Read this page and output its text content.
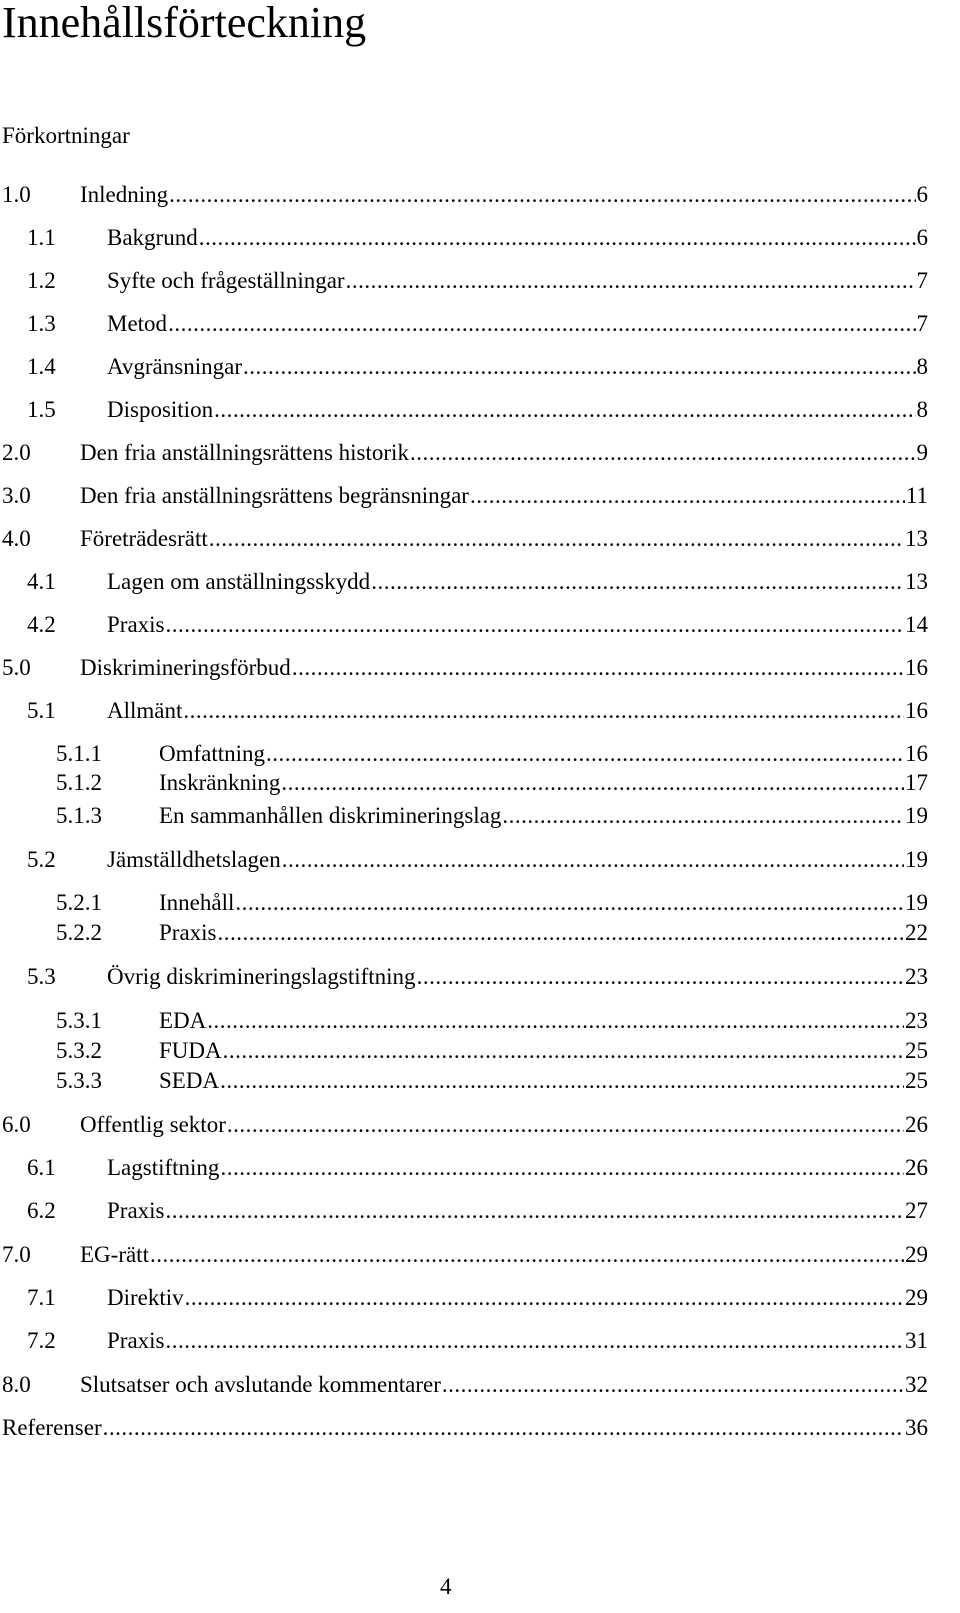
Innehållsförteckning
Förkortningar
1.0	Inledning .....	6
1.1	Bakgrund .....	6
1.2	Syfte och frågeställningar .....	7
1.3	Metod .....	7
1.4	Avgränsningar .....	8
1.5	Disposition .....	8
2.0	Den fria anställningsrättens historik .....	9
3.0	Den fria anställningsrättens begränsningar .....	11
4.0	Företrädesrätt .....	13
4.1	Lagen om anställningsskydd .....	13
4.2	Praxis .....	14
5.0	Diskrimineringsförbud .....	16
5.1	Allmänt .....	16
5.1.1	Omfattning .....	16
5.1.2	Inskränkning .....	17
5.1.3	En sammanhållen diskrimineringslag .....	19
5.2	Jämställdhetslagen .....	19
5.2.1	Innehåll .....	19
5.2.2	Praxis .....	22
5.3	Övrig diskrimineringslagstiftning .....	23
5.3.1	EDA .....	23
5.3.2	FUDA .....	25
5.3.3	SEDA .....	25
6.0	Offentlig sektor .....	26
6.1	Lagstiftning .....	26
6.2	Praxis .....	27
7.0	EG-rätt .....	29
7.1	Direktiv .....	29
7.2	Praxis .....	31
8.0	Slutsatser och avslutande kommentarer .....	32
Referenser .....	36
4
